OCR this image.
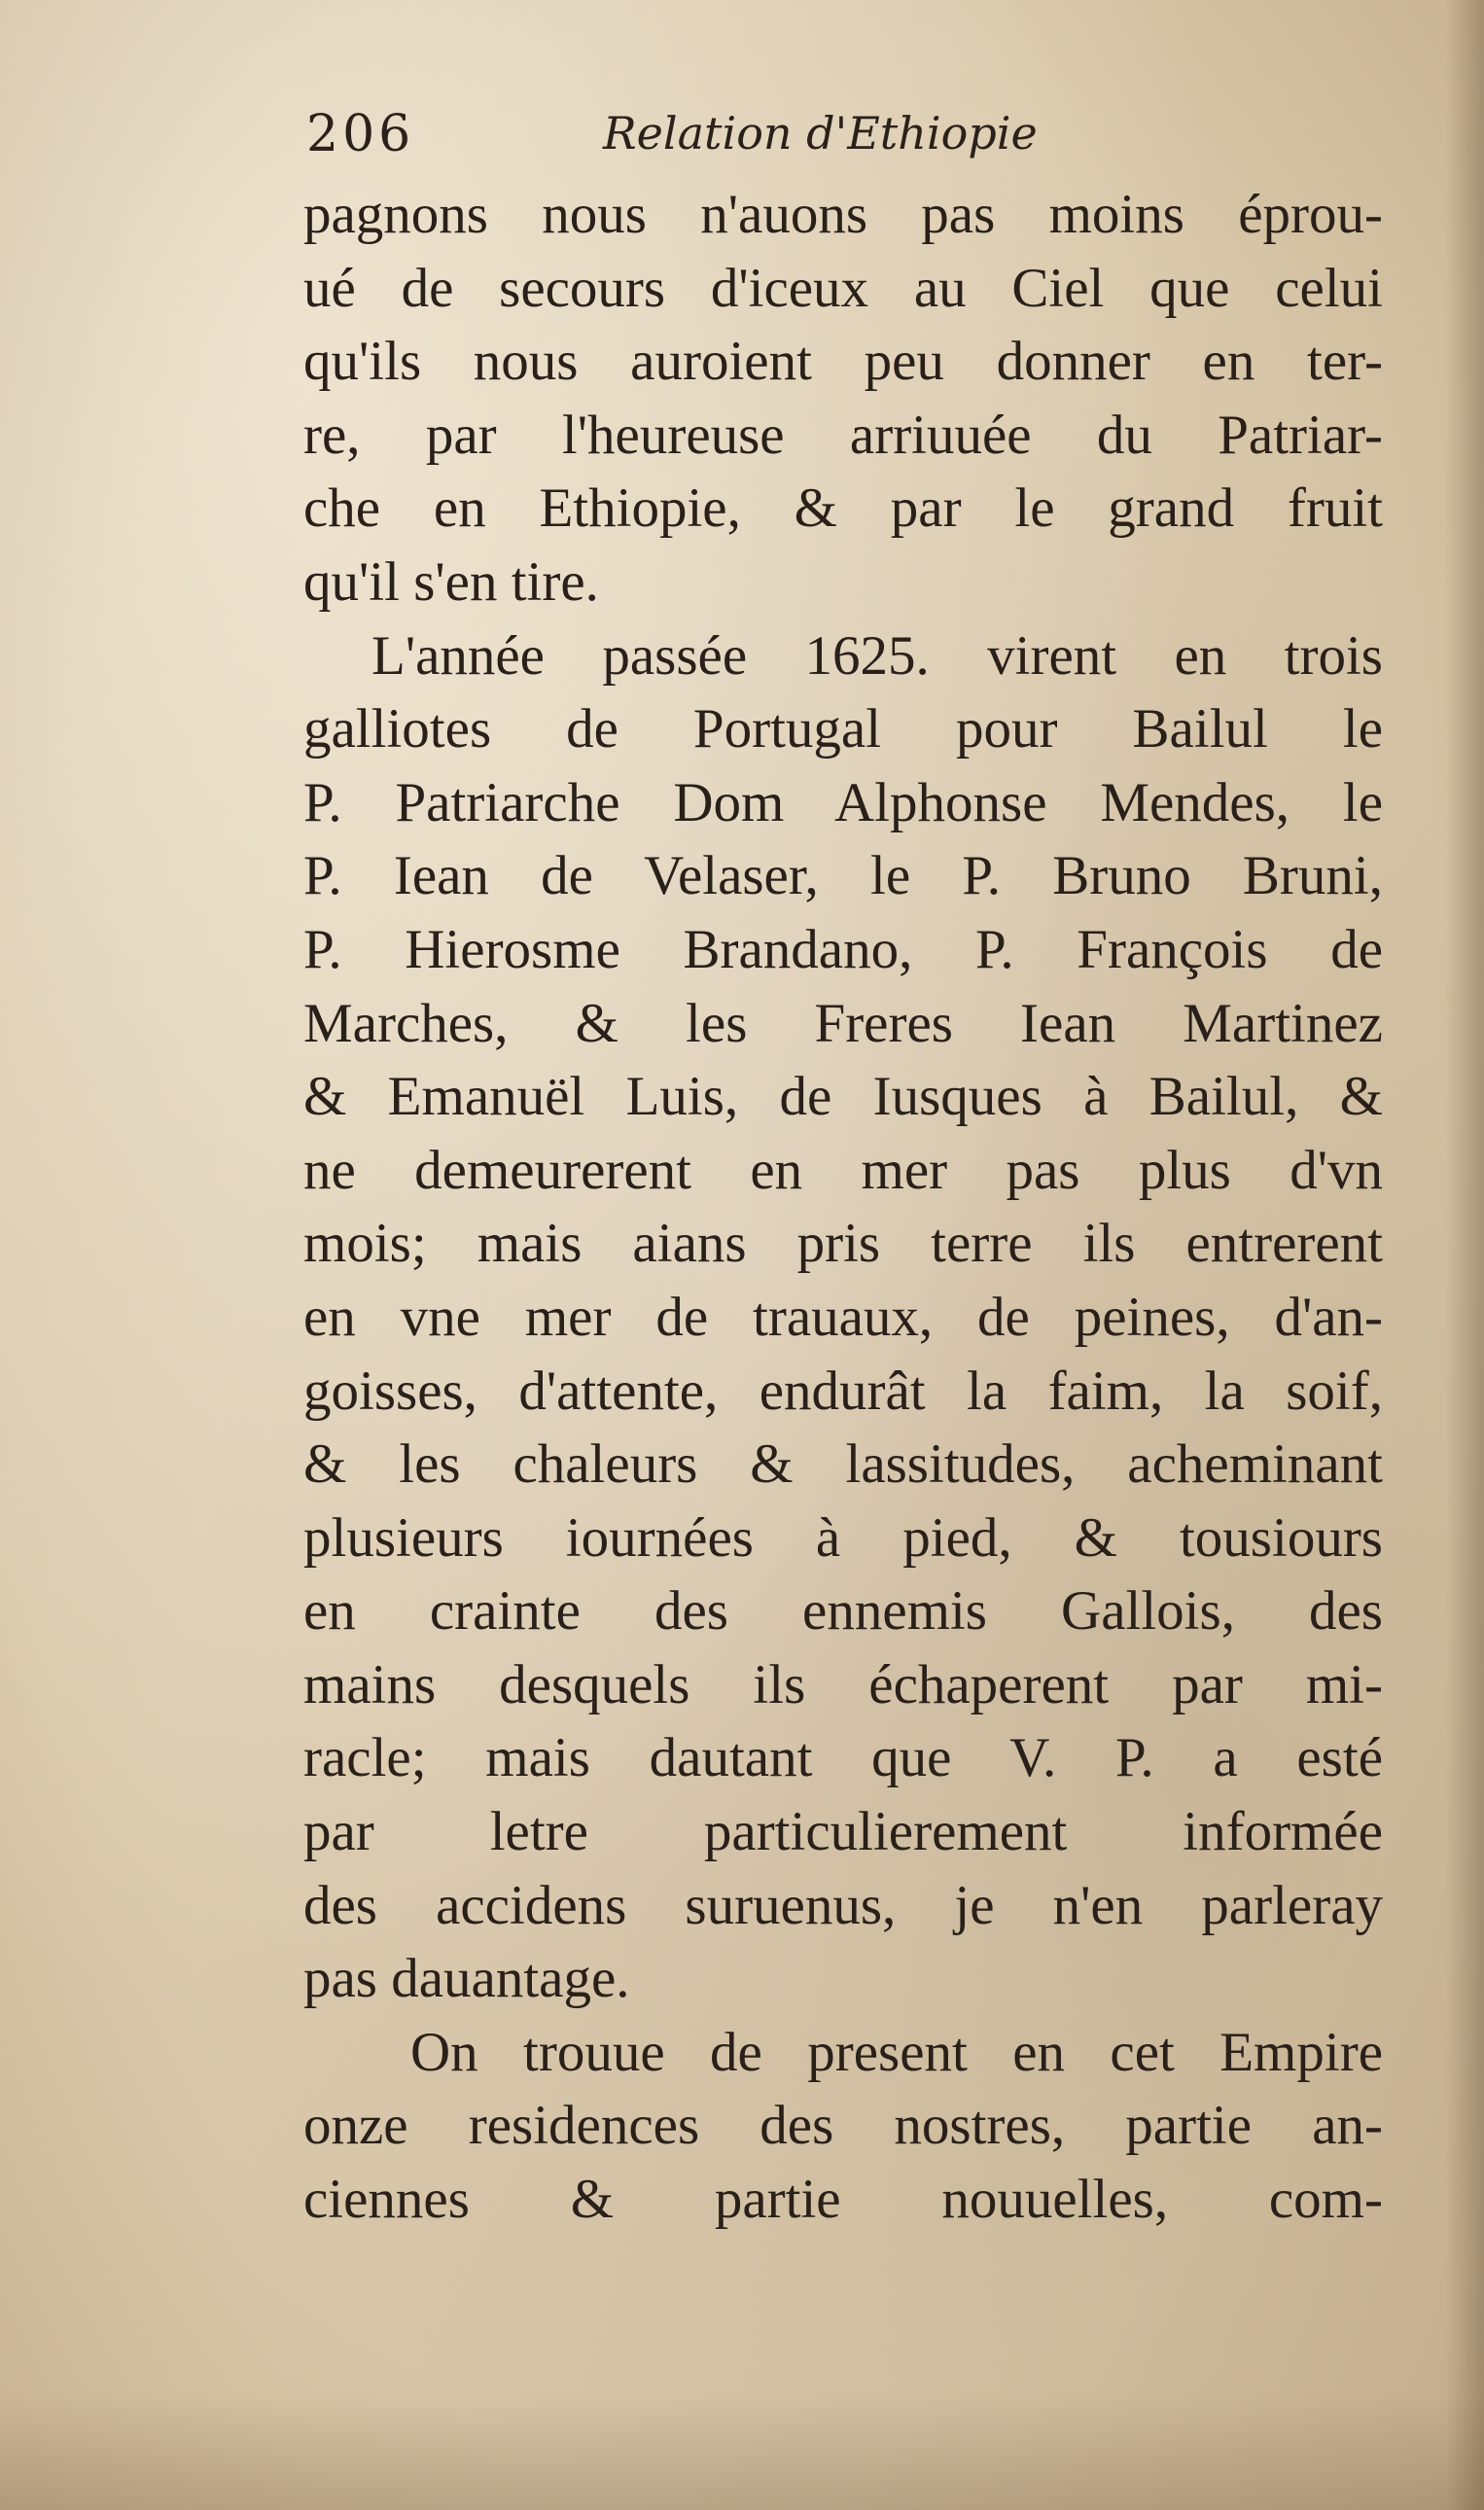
206	Relation d'Ethiopie
pagnons nous n'auons pas moins éprou-
ué de secours d'iceux au Ciel que celui
qu'ils nous auroient peu donner en ter-
re, par l'heureuse arriuuée du Patriar-
che en Ethiopie, & par le grand fruit
qu'il s'en tire.
L'année passée 1625. virent en trois
galliotes de Portugal pour Bailul le
P. Patriarche Dom Alphonse Mendes, le
P. Iean de Velaser, le P. Bruno Bruni,
P. Hierosme Brandano, P. François de
Marches, & les Freres Iean Martinez
& Emanuël Luis, de Iusques à Bailul, &
ne demeurerent en mer pas plus d'vn
mois; mais aians pris terre ils entrerent
en vne mer de trauaux, de peines, d'an-
goisses, d'attente, endurât la faim, la soif,
& les chaleurs & lassitudes, acheminant
plusieurs iournées à pied, & tousiours
en crainte des ennemis Gallois, des
mains desquels ils échaperent par mi-
racle; mais dautant que V. P. a esté
par letre particulierement informée
des accidens suruenus, je n'en parleray
pas dauantage.
On trouue de present en cet Empire
onze residences des nostres, partie an-
ciennes & partie nouuelles, com-
